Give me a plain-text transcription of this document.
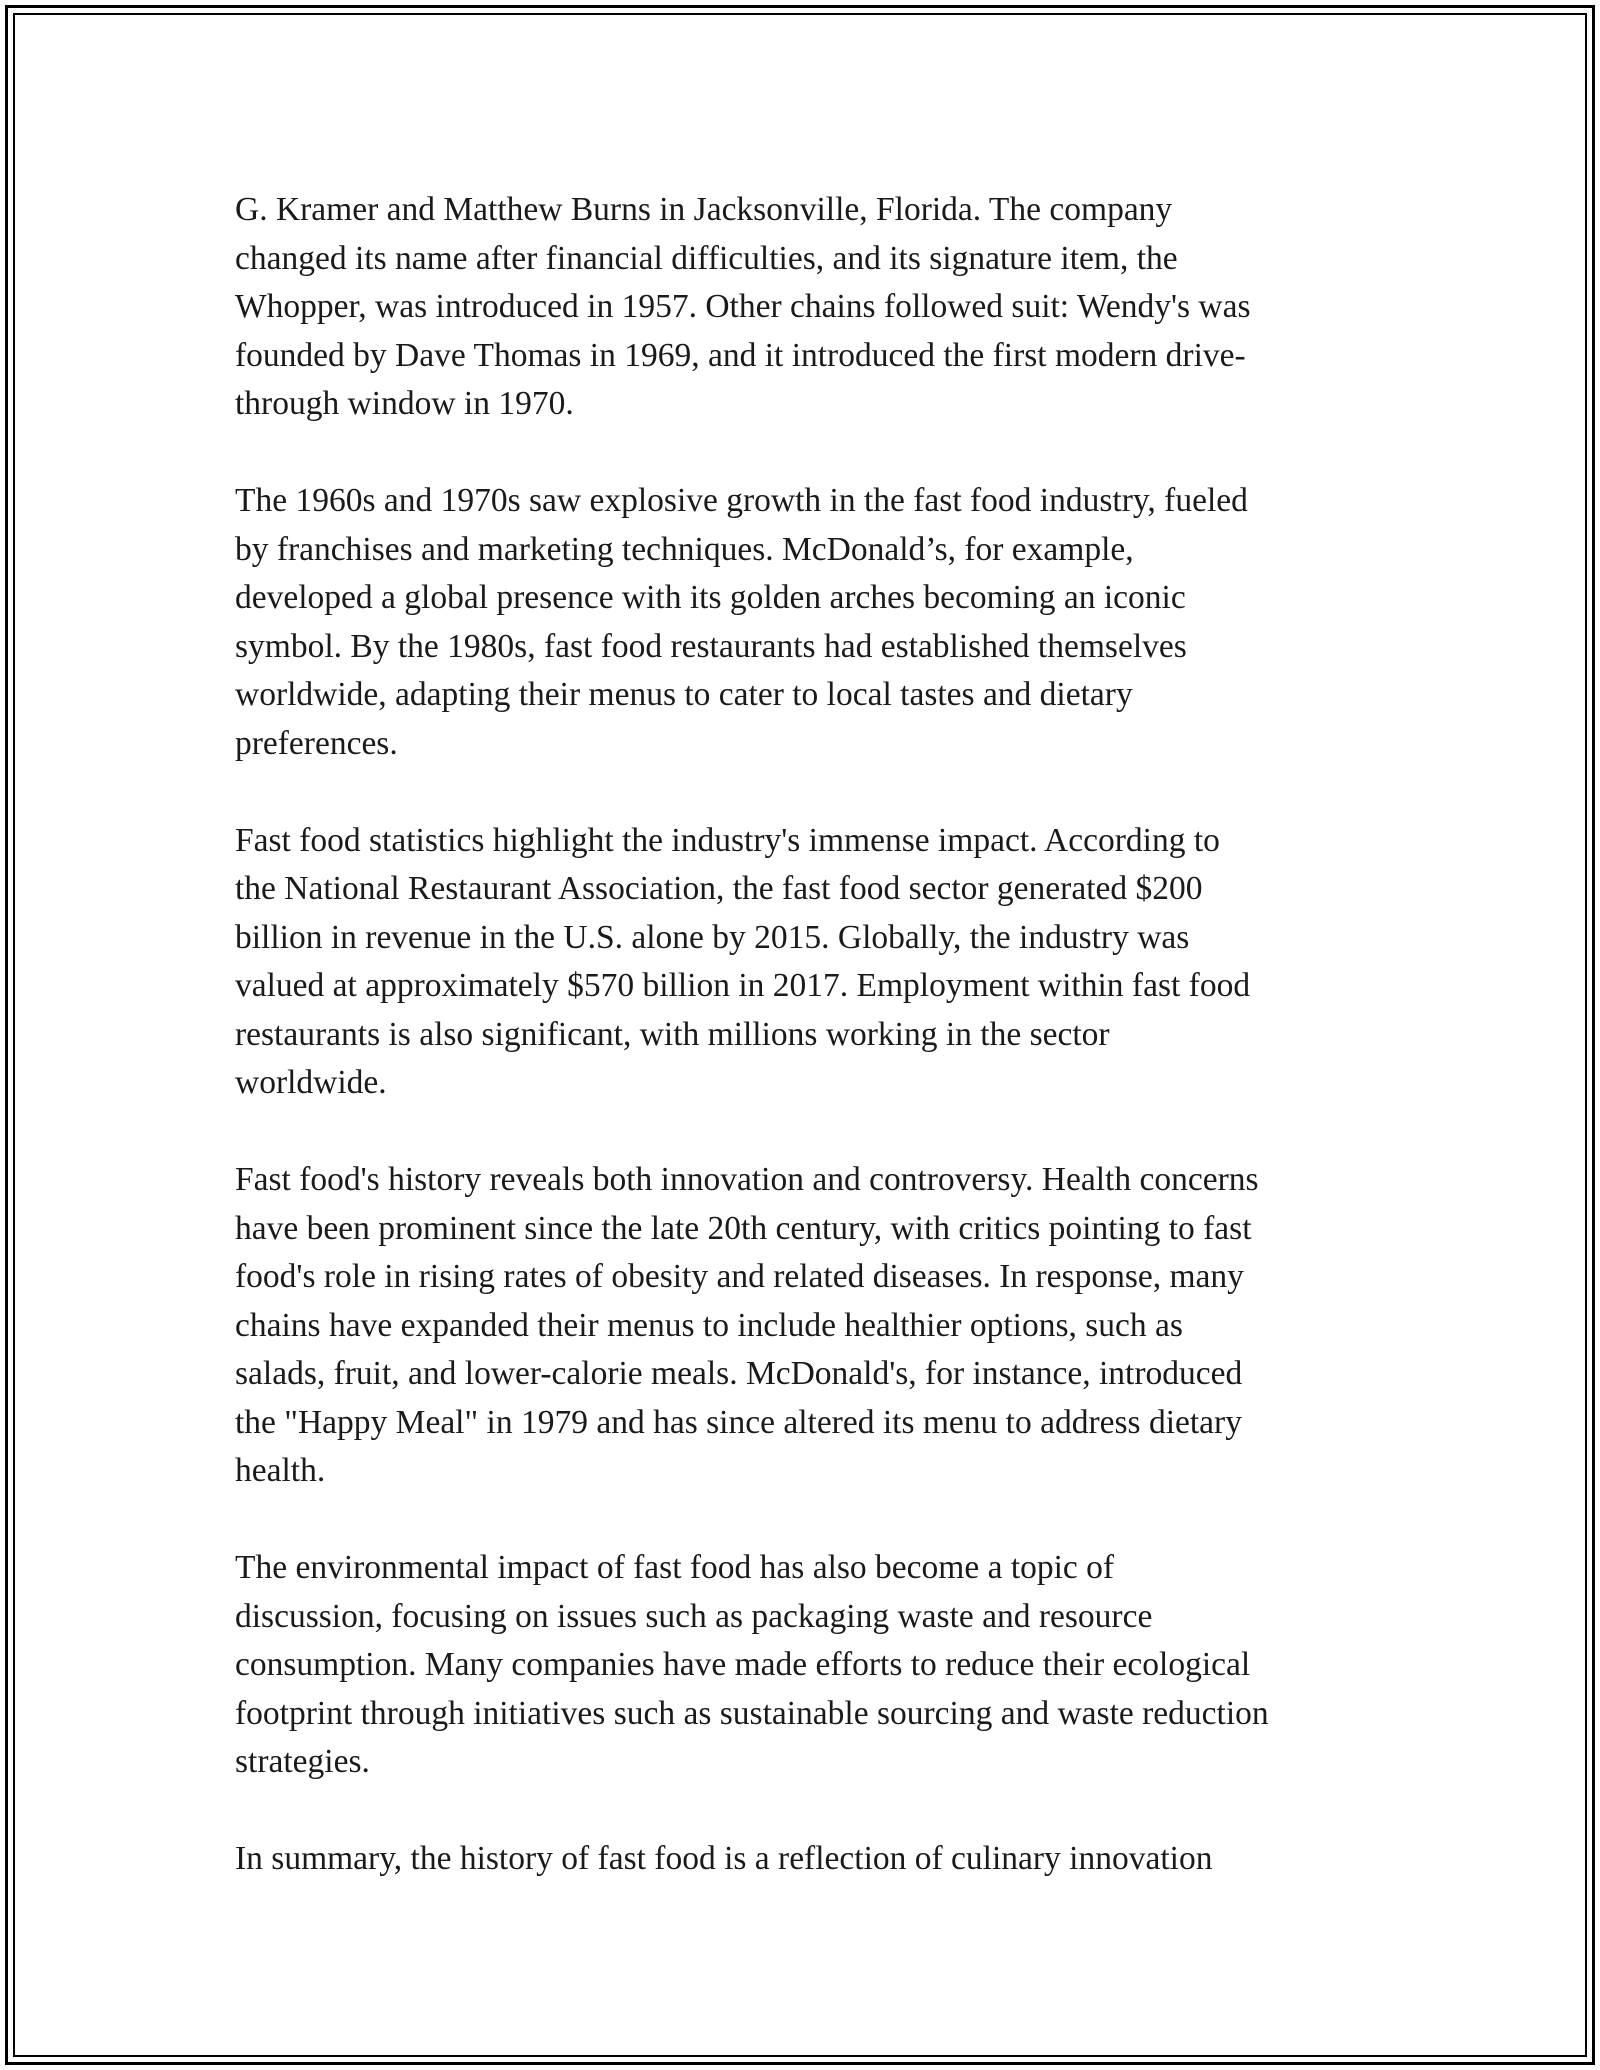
G. Kramer and Matthew Burns in Jacksonville, Florida. The company
changed its name after financial difficulties, and its signature item, the
Whopper, was introduced in 1957. Other chains followed suit: Wendy's was
founded by Dave Thomas in 1969, and it introduced the first modern drive-
through window in 1970.

The 1960s and 1970s saw explosive growth in the fast food industry, fueled
by franchises and marketing techniques. McDonald’s, for example,
developed a global presence with its golden arches becoming an iconic
symbol. By the 1980s, fast food restaurants had established themselves
worldwide, adapting their menus to cater to local tastes and dietary
preferences.

Fast food statistics highlight the industry's immense impact. According to
the National Restaurant Association, the fast food sector generated $200
billion in revenue in the U.S. alone by 2015. Globally, the industry was
valued at approximately $570 billion in 2017. Employment within fast food
restaurants is also significant, with millions working in the sector
worldwide.

Fast food's history reveals both innovation and controversy. Health concerns
have been prominent since the late 20th century, with critics pointing to fast
food's role in rising rates of obesity and related diseases. In response, many
chains have expanded their menus to include healthier options, such as
salads, fruit, and lower-calorie meals. McDonald's, for instance, introduced
the "Happy Meal" in 1979 and has since altered its menu to address dietary
health.

The environmental impact of fast food has also become a topic of
discussion, focusing on issues such as packaging waste and resource
consumption. Many companies have made efforts to reduce their ecological
footprint through initiatives such as sustainable sourcing and waste reduction
strategies.

In summary, the history of fast food is a reflection of culinary innovation
